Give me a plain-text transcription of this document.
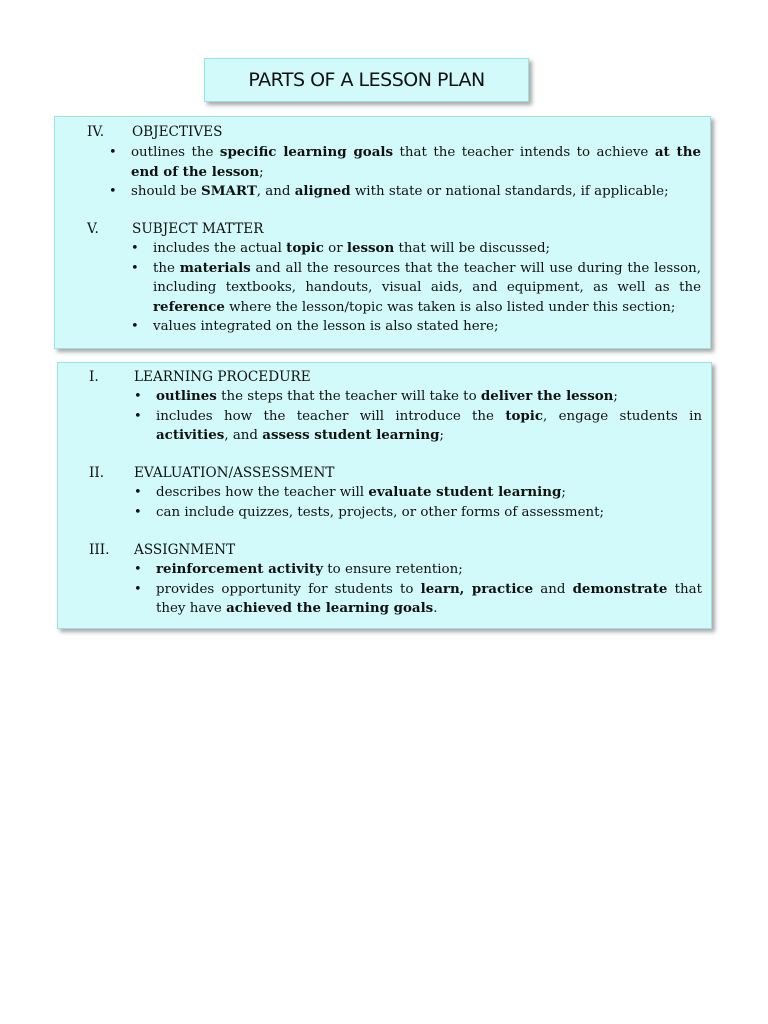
PARTS OF A LESSON PLAN
IV.	OBJECTIVES
• outlines the specific learning goals that the teacher intends to achieve at the end of the lesson;
• should be SMART, and aligned with state or national standards, if applicable;
V.	SUBJECT MATTER
• includes the actual topic or lesson that will be discussed;
• the materials and all the resources that the teacher will use during the lesson, including textbooks, handouts, visual aids, and equipment, as well as the reference where the lesson/topic was taken is also listed under this section;
• values integrated on the lesson is also stated here;
I.	LEARNING PROCEDURE
• outlines the steps that the teacher will take to deliver the lesson;
• includes how the teacher will introduce the topic, engage students in activities, and assess student learning;
II.	EVALUATION/ASSESSMENT
• describes how the teacher will evaluate student learning;
• can include quizzes, tests, projects, or other forms of assessment;
III.	ASSIGNMENT
• reinforcement activity to ensure retention;
• provides opportunity for students to learn, practice and demonstrate that they have achieved the learning goals.
